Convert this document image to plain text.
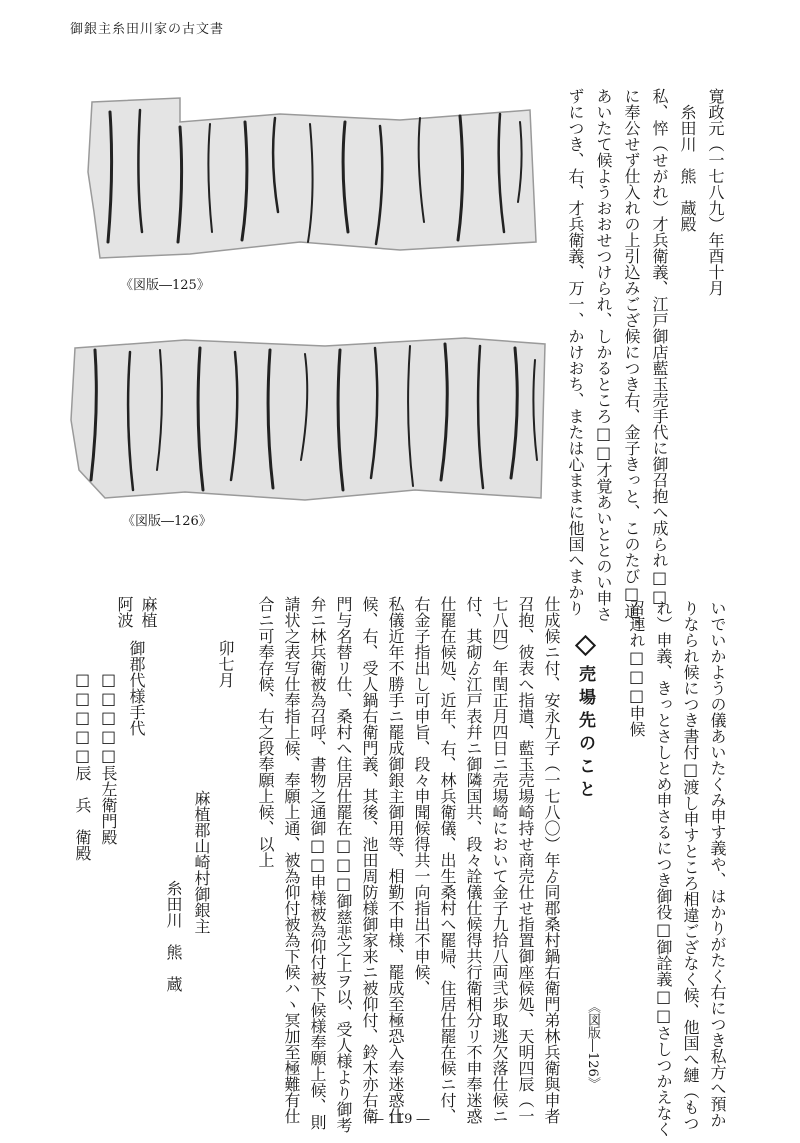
御銀主糸田川家の古文書
《図版―125》
《図版―126》
寛政元（一七八九）年酉十月
　糸田川　熊　蔵殿
私、悴（せがれ）才兵衛義、江戸御店藍玉売手代に御召抱へ成られ□□
に奉公せず仕入れの上引込みござ候につき右、金子きっと、このたび□道、
あいたて候ようおおせつけられ、しかるところ□□才覚あいととのい申さ
ずにつき、右、才兵衛義、万一、かけおち、または心ままに他国へまかり
いでいかようの儀あいたくみ申す義や、はかりがたく右につき私方へ預か
りなられ候につき書付□渡し申すところ相違ござなく候、他国へ縺（もつ
れ）申義、きっとさしとめ申さるにつき御役□御詮義□□さしつかえなく
召連れ□□□申候
売場先のこと
《図版―126》
仕成候ニ付、安永九子（一七八〇）年ゟ同郡桑村鍋右衛門弟林兵衛與申者
召抱、彼表へ指遣、藍玉売場崎持せ商売仕せ指置御座候処、天明四辰（一
七八四）年閏正月四日ニ売場崎において金子九拾八両弐歩取逃欠落仕候ニ
付、其砌ゟ江戸表幷ニ御隣国共、段々詮儀仕候得共行衛相分リ不申奉迷惑
仕罷在候処、近年、右、林兵衛儀、出生桑村へ罷帰、住居仕罷在候ニ付、
右金子指出し可申旨、段々申聞候得共一向指出不申候、
私儀近年不勝手ニ罷成御銀主御用等、相勤不申様、罷成至極恐入奉迷惑仕
候、右、受人鍋右衛門義、其後、池田周防様御家来ニ被仰付、鈴木亦右衛
門与名替リ仕、桑村へ住居仕罷在□□□御慈悲之上ヲ以、受人様より御考
弁ニ林兵衛被為召呼、書物之通御□□申様被為仰付被下候様奉願上候、則
請状之表写仕奉指上候、奉願上通、被為仰付被為下候ハヽ冥加至極難有仕
合ニ可奉存候、右之段奉願上候、以上
卯七月
麻植郡山崎村御銀主
糸田川　熊　蔵
麻植
阿波
御郡代様手代
□□□□□長左衛門殿
□□□□□辰　兵　衛殿
― 119 ―
